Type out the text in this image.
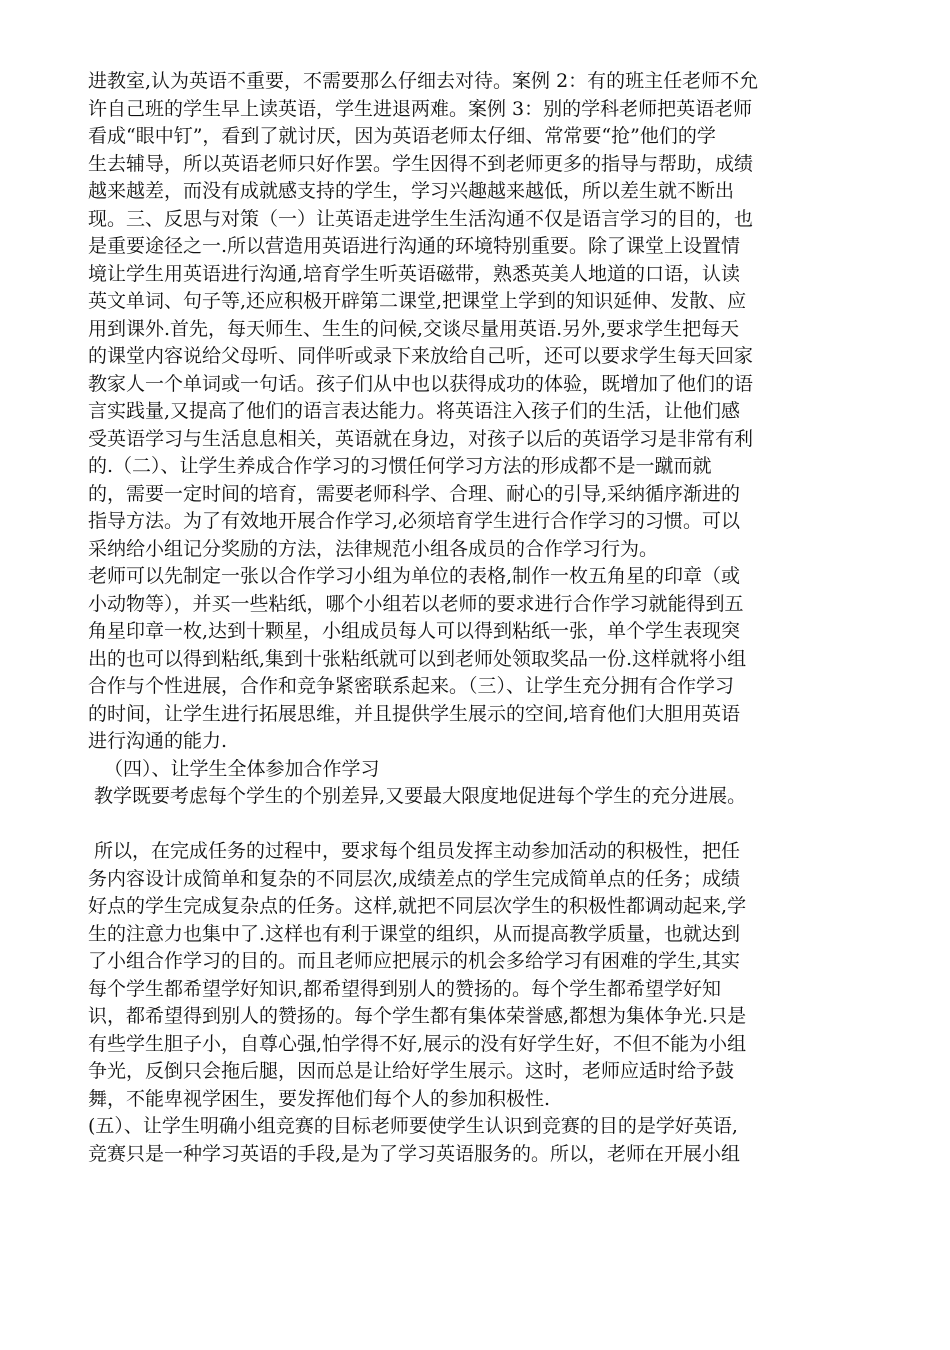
进教室,认为英语不重要，不需要那么仔细去对待。案例 2：有的班主任老师不允
许自己班的学生早上读英语，学生进退两难。案例 3：别的学科老师把英语老师
看成“眼中钉”，看到了就讨厌，因为英语老师太仔细、常常要“抢”他们的学
生去辅导，所以英语老师只好作罢。学生因得不到老师更多的指导与帮助，成绩
越来越差，而没有成就感支持的学生，学习兴趣越来越低，所以差生就不断出
现。三、反思与对策（一）让英语走进学生生活沟通不仅是语言学习的目的，也
是重要途径之一.所以营造用英语进行沟通的环境特别重要。除了课堂上设置情
境让学生用英语进行沟通,培育学生听英语磁带，熟悉英美人地道的口语，认读
英文单词、句子等,还应积极开辟第二课堂,把课堂上学到的知识延伸、发散、应
用到课外.首先，每天师生、生生的问候,交谈尽量用英语.另外,要求学生把每天
的课堂内容说给父母听、同伴听或录下来放给自己听，还可以要求学生每天回家
教家人一个单词或一句话。孩子们从中也以获得成功的体验，既增加了他们的语
言实践量,又提高了他们的语言表达能力。将英语注入孩子们的生活，让他们感
受英语学习与生活息息相关，英语就在身边，对孩子以后的英语学习是非常有利
的.（二）、让学生养成合作学习的习惯任何学习方法的形成都不是一蹴而就
的，需要一定时间的培育，需要老师科学、合理、耐心的引导,采纳循序渐进的
指导方法。为了有效地开展合作学习,必须培育学生进行合作学习的习惯。可以
采纳给小组记分奖励的方法，法律规范小组各成员的合作学习行为。
老师可以先制定一张以合作学习小组为单位的表格,制作一枚五角星的印章（或
小动物等），并买一些粘纸，哪个小组若以老师的要求进行合作学习就能得到五
角星印章一枚,达到十颗星，小组成员每人可以得到粘纸一张，单个学生表现突
出的也可以得到粘纸,集到十张粘纸就可以到老师处领取奖品一份.这样就将小组
合作与个性进展，合作和竞争紧密联系起来。（三）、让学生充分拥有合作学习
的时间，让学生进行拓展思维，并且提供学生展示的空间,培育他们大胆用英语
进行沟通的能力.
（四）、让学生全体参加合作学习
教学既要考虑每个学生的个别差异,又要最大限度地促进每个学生的充分进展。
所以，在完成任务的过程中，要求每个组员发挥主动参加活动的积极性，把任
务内容设计成简单和复杂的不同层次,成绩差点的学生完成简单点的任务；成绩
好点的学生完成复杂点的任务。这样,就把不同层次学生的积极性都调动起来,学
生的注意力也集中了.这样也有利于课堂的组织，从而提高教学质量，也就达到
了小组合作学习的目的。而且老师应把展示的机会多给学习有困难的学生,其实
每个学生都希望学好知识,都希望得到别人的赞扬的。每个学生都希望学好知
识，都希望得到别人的赞扬的。每个学生都有集体荣誉感,都想为集体争光.只是
有些学生胆子小，自尊心强,怕学得不好,展示的没有好学生好，不但不能为小组
争光，反倒只会拖后腿，因而总是让给好学生展示。这时，老师应适时给予鼓
舞，不能卑视学困生，要发挥他们每个人的参加积极性.
(五）、让学生明确小组竞赛的目标老师要使学生认识到竞赛的目的是学好英语,
竞赛只是一种学习英语的手段,是为了学习英语服务的。所以，老师在开展小组
